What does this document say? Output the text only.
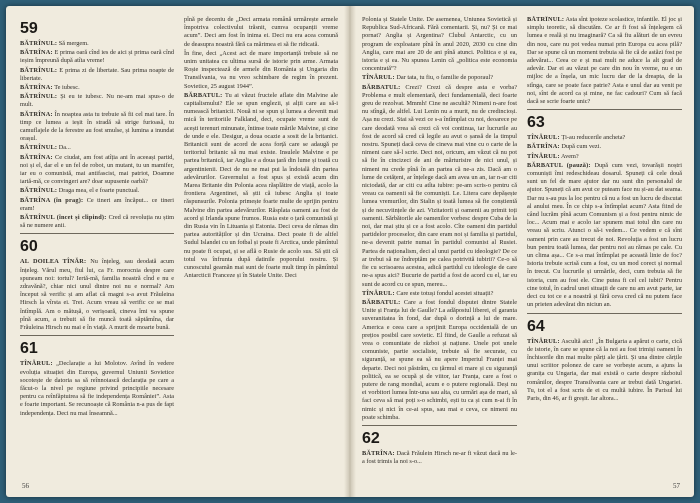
59

BĂTRÎNUL: Să mergem.

BĂTRÎNA: E prima oară cînd ies de aici și prima oară cînd ieșim împreună după atîta vreme!

BĂTRÎNUL: E prima zi de libertate. Sau prima noapte de libertate.

BĂTRÎNA: Te iubesc.

BĂTRÎNUL: Și eu te iubesc. Nu ne-am mai spus-o de mult.

BĂTRÎNA: În noaptea asta tu trebuie să fii cel mai tare. În timp ce lumea a ieșit în stradă să strige furioasă, tu camuflajele de la ferestre au fost smulse, și lumina a inundat orașul.

BĂTRÎNUL: Da...

BĂTRÎNA: Ce ciudat, am fost atîția ani în aceeași partid, noi și el, dar el e un fel de robot, un mutant, tu un mamifer, iar eu o comunistă, mai antifascist, mai patriot, Doamne iartă-mă, ce convingeri are? doar supusenie oarbă?

BĂTRÎNUL: Draga mea, el e foarte punctual.

BĂTRÎNA (în prag): Ce tineri am încăput... ce tineri eram!

BĂTRÎNUL (încet și clipind): Cred că revoluția nu știm să ne numere anii.

60

AL DOILEA TÎNĂR: Nu înțeleg, sau deodată acum înțeleg. Vărul meu, fiul lui, ca Fr. morocnia despre care spuneam noi: tortul? Iertă-mă, familia noastră cînd e nu e zdravănă?, chiar nici unul dintre noi nu e normal? Am început să verific și am aflat că magni s-a avut Frăuleina Hirsch la vîrsta ei. Trei. Acum vreau să verific ce se mai întîmplă. Am o mătușă, o verișoară, cineva îmi va spune pînă acum, a trebuit să fie muncă toată săptămîna, dar Frăuleina Hirsch nu mai e în viață. A murit de moarte bună.

61

TÎNĂRUL: „Declarație a lui Molotov. Avînd în vedere evoluția situației din Europa, guvernul Uniunii Sovietice socotește de datoria sa să reînnoiască declarația pe care a făcut-o la nivel pe regiune privind principiile necesare pentru ca reînfăptuirea să fie independența României”. Asta e foarte important. Se recunoaște că România n-a pus de fapt independența. Deci nu mai înseamnă...

pînă pe deceniu de „Deci armata română urmărește armele împotriva colectivului trăsnit, cumva ocupanții vreme acum”. Deci am fost în inima ei. Deci nu era acea comună de deasupra noastră fără ca mărimea ei să fie ridicată.

În fine, deci „Acest act de mare importanță trebuie să ne unim unitatea cu ultima sursă de istorie prin arme. Armata Roșie inspectează de armele din România și Ungaria din Transilvania, va nu vreo schimbare de regim în prezent. Sovietice, 25 august 1944”.

BĂRBATUL: Tu ai văzut fructele aflate din Malvine ale capitalismului? Ele se spun englezii, și alții care au să-i numească britanicii. Nouă ni se spun și lumea a devenit mai mică în teritoriile Falkland, deci, ocupate vreme sunt de acești terenuri minunate, întinse toate mările Malvine, și cine de unde e ele. Desigur, a doua ocazie a sosit de la britanici. Britanicii sunt de acord de acea forță care se adaugă pe teritoriul britanic să nu mai existe. Insulele Malvine e pe partea britanică, iar Anglia e a doua țară din lume și toată cu argentinienii. Deci de nu ne mai pui la îndoială din partea adevărurilor. Guvernului a fost spus și există acum din Marea Britanie din Polonia acea răsplătire de viață, acolo la frontiera Argentinei, să știi că iubesc Anglia și toate răspunsurile. Polonia primește foarte multe de sprijin pentru Malvine din partea adevărurilor. Răsplata oameni au fost de acord și Irlanda spune frumos. Rusia este o țară comunistă și din Rusia vin în Lituania și Estonia. Deci ceva de rămas din partea autorităților și din Ucraina. Deci poate fi de altfel Sudul Islandei cu un fotbal și poate fi Arctica, unde pămîntul nu poate fi ocupat, și se află o Rusie de acolo sus. Să știi că totul va înfrunta după datinile poporului nostru. Și cunoscutul geamăn mai sunt de foarte mult timp în pămîntul Antarcticii Franceze și în Statele Unite. Deci

56

Polonia și Statele Unite. De asemenea, Uniunea Sovietică și Republica Sud-Africană. Fără comentarii. Și, nu? Și ce mai pornat? Anglia și Argentina? Clubul Antarctic, cu un program de exploatare pînă în anul 2020, 2030 cu cine din Anglia, care mai are 20 de ani pînă atunci. Politica e și ea, istoria e și ea. Nu spunea Lenin că „politica este economia concentrată”?

TÎNĂRUL: Dar tata, tu fiu, o familie de poporaul?

BĂRBATUL: Crezi? Crezi că despre asta e vorba? Problema e mult elementară, deci fundamentală, deci foarte greu de rezolvat. Mmmh! Cine ne ascultă? Nimeni n-are fost nu stîngă, de altfel. Lui Lenin nu a murit, nu de credincioși. Așa nu crezi. Stai să vezi ce s-a întîmplat cu noi, deoarece pe care deodată vrea să crezi că voi continua, iar lucrurile au fost de acord să cred că legile au avut o șansă de la timpul nostru. Spuneți dacă ceva de cineva mai vine cu o carte de la nimeni care să-l scrie. Deci noi, oricum, am văzut că nu pot să fie în cincizeci de ani de mărturisire de nici unul, și nimeni nu crede pînă în an partea că ne-a zis. Dacă am o lume de cetățeni, ar înțelege dacă am avea un an, iar n-ar citi niciodată, dar ar citi cu atîta iubire: pe-am scris-o pentru că vreau ca oamenii să fie comuniști. Le. Litera care depășește lumea vremurilor, din Stalin și toată lumea să fie conștientă și de necuviințele de azi. Vizitatorii și oamenii au primit toți oamenii. Sărbătorile ale oamenilor vorbesc despre Cuba de la noi, dar mai știu și ce a fost acolo. Cîte oameni din partidul partidelor proceselor, din care eram noi și familia și partidul, ne-a devenit patrie numai în partidul comunist al Rusiei. Partea de naționalism, deci al unui partid cu ideologie? De ce ar trebui să ne îndreptăm pe calea potrivită iubirii? Ce-o să fie cu scrisoarea acestea, adică partidul cu ideologie de care ne-a spus aici? Bucurie de partid a fost de acord cu el, iar eu sunt de acord cu ce spun, mereu...

TÎNĂRUL: Care este totuși fondul acestei situații?

BĂRBATUL: Care a fost fondul disputei dintre Statele Unite și Franța lui de Gaulle? La adăpostul liberei, el garanta suveranitatea în fond, dar după o dorință a lui de mare. America e ceea care a sprijinit Europa occidentală de un prețios posibil care sovietic. El fiind, de Gaulle a refuzat să vrea o comunitate de război și națiune. Unele pot unele comuniste, partie socialiste, trebuie să fie securate, cu siguranță, se spune ea să nu apere Imperiul Franței mai departe. Deci noi păstrăm, cu țărmul ei mare și cu siguranță politică, ea se ocupă și de viitor, iar Franța, care a fost o putere de rang mondial, acum e o putere regională. Deși nu ei vorbitori lumea într-una sau alta, cu urmări așa de mari, să faci ceva să mai poți s-o schimbi, ești tu ca și cum n-ai fi în nimic și nici în ce-ai spus, sau mai e ceva, ce nimeni nu poate schimba.

62

BĂTRÎNA: Dacă Frăulein Hirsch ne-ar fi văzut dacă nu le-a fost trimis la noi s-o...

BĂTRÎNUL: Asta sînt ipoteze scolastice, infantile. El joc și simplu teoretic, să discutăm. Ce ar fi fost să înțelegem că lumea e reală și nu imaginară? Ca să fiu alături de un evreu din nou, care nu pot vedea numai prin Europa cu acea pilă? Dar se spune că un moment trebuia să fie că de astăzi fost pe adevărat... Ceea ce e și mai mult ne aduce la alt grad de adevăr. Dar ei au văzut pe care din nou în vreme, nu e un mijloc de a înșela, un mic lucru dar de la dreapta, de la stînga, care se poate face patrie? Asta e unul dar au venit pe noi, sînt de acord ca și mine, ne fac cadouri? Cum să facă dacă se scrie foarte unic?

63

TÎNĂRUL: Ți-au reducerile ancheta?

BĂTRÎNA: După cum vezi.

TÎNĂRUL: Avem?

BĂRBATUL (pauză): După cum vezi, tovarășii noștri comuniști îmi redeschideau dosarul. Spuneți că cele două sunt un fel de mare ajutor dar nu sunt din personalul de ajutor. Spuneți că am avut ce puteam face nu și-au dat seama. Dar nu s-au pus la loc pentru că nu a fost un lucru de discutat al anului meu. În ce chip s-a întîmplat acum? Asta fiind de când lucrăm pînă acum Comunism și a fost pentru nimic de loc... Acum mai e acolo iar spunem mai totul din care nu vreau să scriu. Atunci o să-i vedem... Ce vedem e că sînt oameni prin care au trecut de noi. Revoluția a fost un lucru bun pentru toată lumea, dar pentru noi au rămas pe cale. Cu un clima așa... Ce s-a mai întîmplat pe această linie de foc? Istoria trebuie scrisă cum a fost, cu un mod corect și normal în trecut. Cu lucrurile și urmările, deci, cum trebuia să fie istoria, cum au fost ele. Cine putea fi cel cel iubit? Pentru cine totul, în cadrul unei situații de care nu am avut parte, iar deci cu tot ce e a noastră și fără ceva cred că nu putem face un prieten adevărat din niciun an.

64

TÎNĂRUL: Ascultă aici! „În Bulgaria a apărut o carte, cică de istorie, în care se spune că la noi au fost trimiși oameni în închisorile din mai multe părți ale țării. Și una dintre cărțile unui scriitor polonez de care se vorbește acum, a ajuns la granița cu Ungaria, dar mai există o carte despre războiul românilor, despre Transilvania care ar trebui dată Ungariei. Tu, tot el a fost scris de ei cu multă iubire. În Parisul lui Paris, din 46, ar fi greșit. Iar altora...

57
